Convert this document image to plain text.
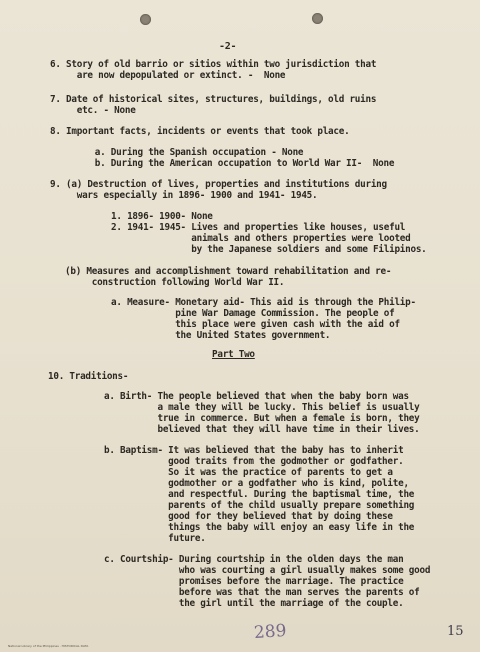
-2-
6. Story of old barrio or sitios within two jurisdiction that
are now depopulated or extinct. -  None
7. Date of historical sites, structures, buildings, old ruins
etc. - None
8. Important facts, incidents or events that took place.
a. During the Spanish occupation - None
b. During the American occupation to World War II-  None
9. (a) Destruction of lives, properties and institutions during
wars especially in 1896- 1900 and 1941- 1945.
1. 1896- 1900- None
2. 1941- 1945- Lives and properties like houses, useful
animals and others properties were looted
by the Japanese soldiers and some Filipinos.
(b) Measures and accomplishment toward rehabilitation and re-
construction following World War II.
a. Measure- Monetary aid- This aid is through the Philip-
pine War Damage Commission. The people of
this place were given cash with the aid of
the United States government.
Part Two
10. Traditions-
a. Birth- The people believed that when the baby born was
a male they will be lucky. This belief is usually
true in commerce. But when a female is born, they
believed that they will have time in their lives.
b. Baptism- It was believed that the baby has to inherit
good traits from the godmother or godfather.
So it was the practice of parents to get a
godmother or a godfather who is kind, polite,
and respectful. During the baptismal time, the
parents of the child usually prepare something
good for they believed that by doing these
things the baby will enjoy an easy life in the
future.
c. Courtship- During courtship in the olden days the man
who was courting a girl usually makes some good
promises before the marriage. The practice
before was that the man serves the parents of
the girl until the marriage of the couple.
289	15
National Library of the Philippines · HISTORICAL DATA
